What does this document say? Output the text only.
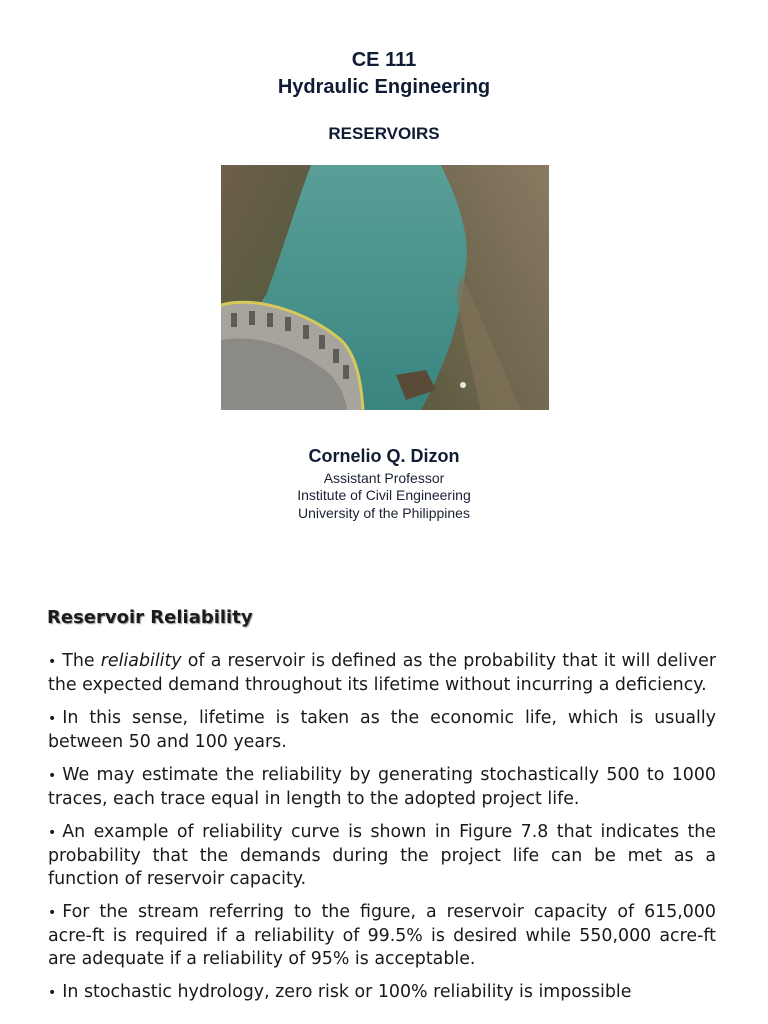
CE 111
Hydraulic Engineering
RESERVOIRS
Cornelio Q. Dizon
Assistant Professor
Institute of Civil Engineering
University of the Philippines
Reservoir Reliability
• The reliability of a reservoir is defined as the probability that it will deliver the expected demand throughout its lifetime without incurring a deficiency.
• In this sense, lifetime is taken as the economic life, which is usually between 50 and 100 years.
• We may estimate the reliability by generating stochastically 500 to 1000 traces, each trace equal in length to the adopted project life.
• An example of reliability curve is shown in Figure 7.8 that indicates the probability that the demands during the project life can be met as a function of reservoir capacity.
• For the stream referring to the figure, a reservoir capacity of 615,000 acre-ft is required if a reliability of 99.5% is desired while 550,000 acre-ft are adequate if a reliability of 95% is acceptable.
• In stochastic hydrology, zero risk or 100% reliability is impossible
